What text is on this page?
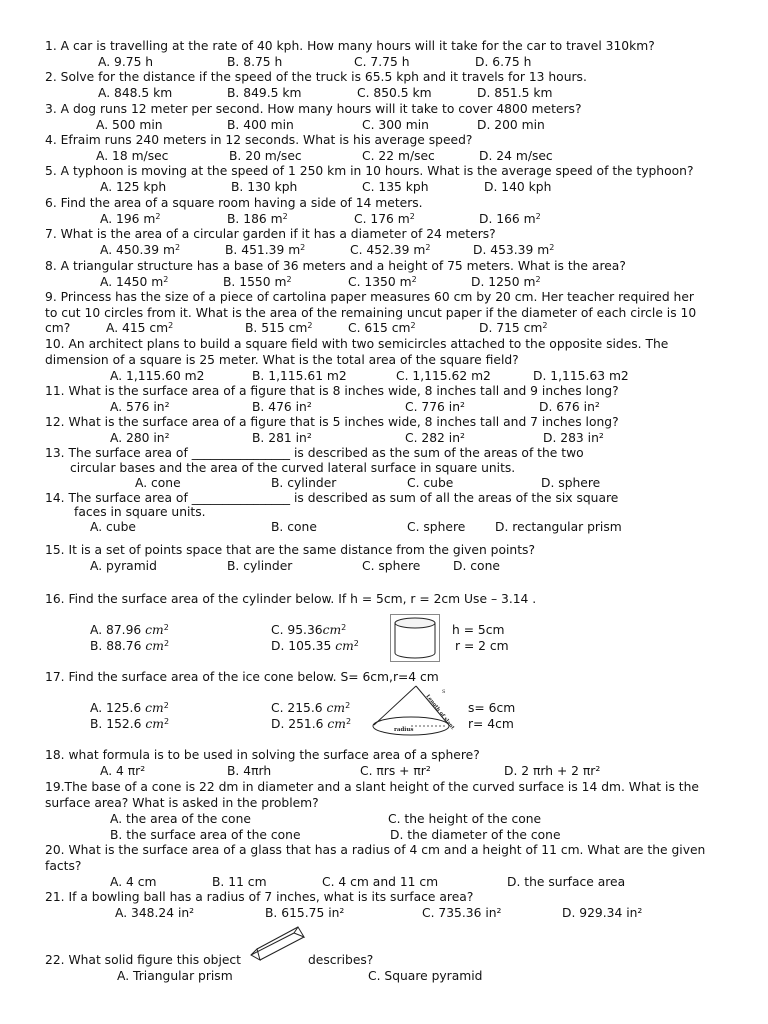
1. A car is travelling at the rate of 40 kph. How many hours will it take for the car to travel 310km?
A. 9.75 h	B. 8.75 h	C. 7.75 h	D. 6.75 h
2. Solve for the distance if the speed of the truck is 65.5 kph and it travels for 13 hours.
A. 848.5 km	B. 849.5 km	C. 850.5 km	D. 851.5 km
3. A dog runs 12 meter per second. How many hours will it take to cover 4800 meters?
A. 500 min	B. 400 min	C. 300 min	D. 200 min
4. Efraim runs 240 meters in 12 seconds. What is his average speed?
A. 18 m/sec	B. 20 m/sec	C. 22 m/sec	D. 24 m/sec
5. A typhoon is moving at the speed of 1 250 km in 10 hours. What is the average speed of the typhoon?
A. 125 kph	B. 130 kph	C. 135 kph	D. 140 kph
6. Find the area of a square room having a side of 14 meters.
A. 196 $m^2$	B. 186 $m^2$	C. 176 $m^2$	D. 166 $m^2$
7. What is the area of a circular garden if it has a diameter of 24 meters?
A. 450.39 $m^2$	B. 451.39 $m^2$	C. 452.39 $m^2$	D. 453.39 $m^2$
8. A triangular structure has a base of 36 meters and a height of 75 meters. What is the area?
A. 1450 $m^2$	B. 1550 $m^2$	C. 1350 $m^2$	D. 1250 $m^2$
9. Princess has the size of a piece of cartolina paper measures 60 cm by 20 cm. Her teacher required her to cut 10 circles from it. What is the area of the remaining uncut paper if the diameter of each circle is 10 cm?	A. 415 $cm^2$	B. 515 $cm^2$	C. 615 $cm^2$	D. 715 $cm^2$
10. An architect plans to build a square field with two semicircles attached to the opposite sides. The dimension of a square is 25 meter. What is the total area of the square field?
A. 1,115.60 m2	B. 1,115.61 m2	C. 1,115.62 m2	D. 1,115.63 m2
11. What is the surface area of a figure that is 8 inches wide, 8 inches tall and 9 inches long?
A. 576 in²	B. 476 in²	C. 776 in²	D. 676 in²
12. What is the surface area of a figure that is 5 inches wide, 8 inches tall and 7 inches long?
A. 280 in²	B. 281 in²	C. 282 in²	D. 283 in²
13. The surface area of ________________ is described as the sum of the areas of the two
circular bases and the area of the curved lateral surface in square units.
A. cone	B. cylinder	C. cube	D. sphere
14. The surface area of ________________ is described as sum of all the areas of the six square
faces in square units.
A. cube	B. cone	C. sphere D. rectangular prism
15. It is a set of points space that are the same distance from the given points?
A. pyramid	B. cylinder	C. sphere	D. cone
16. Find the surface area of the cylinder below. If h = 5cm, r = 2cm Use – 3.14 .
A. 87.96 $cm^2$
B. 88.76 $cm^2$
C. $95.36cm^2$
D. 105.35 $cm^2$
h = 5cm
r = 2 cm
17. Find the surface area of the ice cone below. S= 6cm,r=4 cm
A. 125.6 $cm^2$
B. 152.6 $cm^2$
C. 215.6 $cm^2$
D. 251.6 $cm^2$
radius Length of slant
S
s= 6cm
r= 4cm
18. what formula is to be used in solving the surface area of a sphere?
A. 4 πr²	B. 4πrh	C. πrs + πr²	D. 2 πrh + 2 πr²
19.The base of a cone is 22 dm in diameter and a slant height of the curved surface is 14 dm. What is the surface area? What is asked in the problem?
A. the area of the cone
B. the surface area of the cone
C. the height of the cone
D. the diameter of the cone
20. What is the surface area of a glass that has a radius of 4 cm and a height of 11 cm. What are the given facts?
A. 4 cm	B. 11 cm	C. 4 cm and 11 cm	D. the surface area
21. If a bowling ball has a radius of 7 inches, what is its surface area?
A. 348.24 in²	B. 615.75 in²	C. 735.36 in²	D. 929.34 in²
22. What solid figure this object	describes?
A. Triangular prism	C. Square pyramid
